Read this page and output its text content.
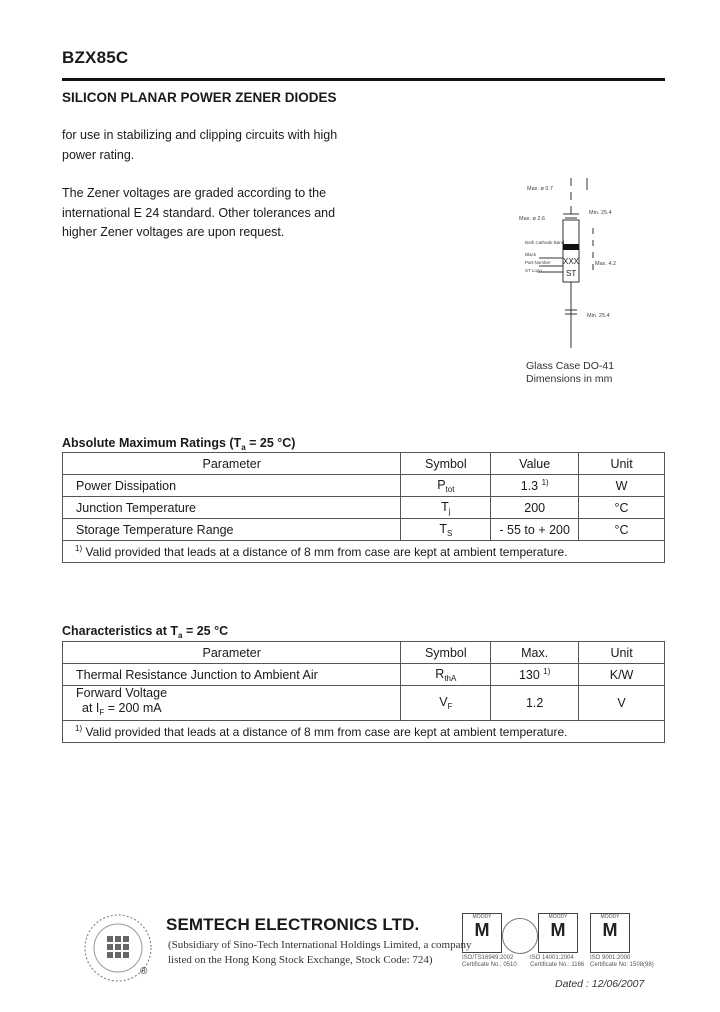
BZX85C
SILICON PLANAR POWER ZENER DIODES
for use in stabilizing and clipping circuits with high power rating.
The Zener voltages are graded according to the international E 24 standard. Other tolerances and higher Zener voltages are upon request.
Max. ø 0.7
Max. ø 2.6
Min. 25.4
Both Cathode Band
Black
Part Number
ST Logo
XXX
ST
Max. 4.2
Min. 25.4
Glass Case DO-41
Dimensions in mm
Absolute Maximum Ratings ($T_a = 25$ °C)
Parameter	Symbol	Value	Unit
Power Dissipation	$P_{tot}$	1.3 $^{1)}$	W
Junction Temperature	$T_j$	200	°C
Storage Temperature Range	$T_S$	- 55 to + 200	°C
$^{1)}$ Valid provided that leads at a distance of 8 mm from case are kept at ambient temperature.			
Characteristics at $T_a = 25$ °C
Parameter	Symbol	Max.	Unit
Thermal Resistance Junction to Ambient Air	$R_{thA}$	130 $^{1)}$	K/W

Forward Voltage
at $I_F = 200$ mA	$V_F$	1.2	V
$^{1)}$ Valid provided that leads at a distance of 8 mm from case are kept at ambient temperature.			
®
SEMTECH ELECTRONICS LTD.
(Subsidiary of Sino-Tech International Holdings Limited, a company
listed on the Hong Kong Stock Exchange, Stock Code: 724)
MOODY
M
MOODY
M
MOODY
M
ISO/TS16949:2002
Certificate No.: 0510
ISO 14001:2004
Certificate No.: 1166
ISO 9001:2000
Certificate No: 1508(98)
Dated : 12/06/2007
